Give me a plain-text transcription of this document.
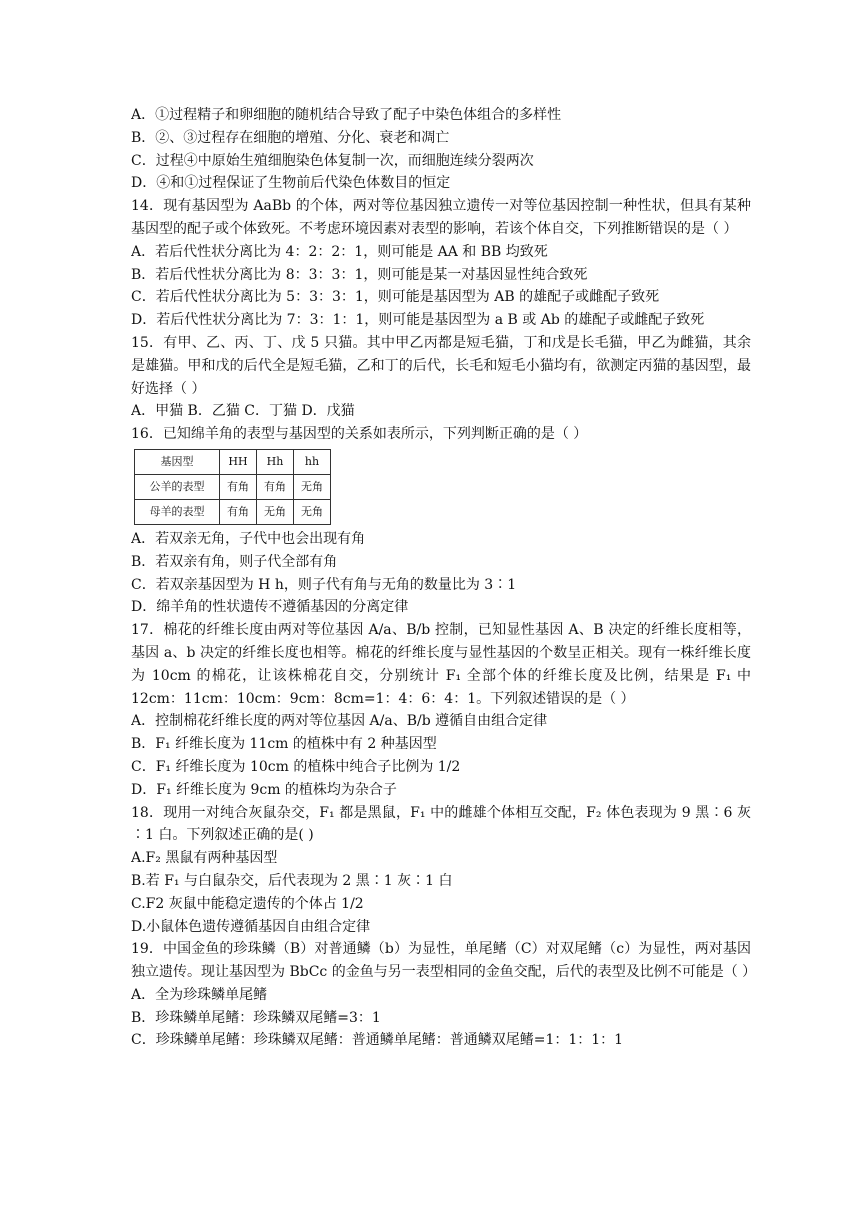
A．①过程精子和卵细胞的随机结合导致了配子中染色体组合的多样性
B．②、③过程存在细胞的增殖、分化、衰老和凋亡
C．过程④中原始生殖细胞染色体复制一次，而细胞连续分裂两次
D．④和①过程保证了生物前后代染色体数目的恒定
14．现有基因型为 AaBb 的个体，两对等位基因独立遗传一对等位基因控制一种性状，但具有某种基因型的配子或个体致死。不考虑环境因素对表型的影响，若该个体自交，下列推断错误的是（ ）
A．若后代性状分离比为 4：2：2：1，则可能是 AA 和 BB 均致死
B．若后代性状分离比为 8：3：3：1，则可能是某一对基因显性纯合致死
C．若后代性状分离比为 5：3：3：1，则可能是基因型为 AB 的雄配子或雌配子致死
D．若后代性状分离比为 7：3：1：1，则可能是基因型为 a B 或 Ab 的雄配子或雌配子致死
15．有甲、乙、丙、丁、戊 5 只猫。其中甲乙丙都是短毛猫，丁和戊是长毛猫，甲乙为雌猫，其余是雄猫。甲和戊的后代全是短毛猫，乙和丁的后代，长毛和短毛小猫均有，欲测定丙猫的基因型，最好选择（ ）
A．甲猫 B．乙猫 C．丁猫 D．戊猫
16．已知绵羊角的表型与基因型的关系如表所示，下列判断正确的是（ ）
基因型	HH	Hh	hh
公羊的表型	有角	有角	无角
母羊的表型	有角	无角	无角
A．若双亲无角，子代中也会出现有角
B．若双亲有角，则子代全部有角
C．若双亲基因型为 H h，则子代有角与无角的数量比为 3∶1
D．绵羊角的性状遗传不遵循基因的分离定律
17．棉花的纤维长度由两对等位基因 A/a、B/b 控制，已知显性基因 A、B 决定的纤维长度相等，基因 a、b 决定的纤维长度也相等。棉花的纤维长度与显性基因的个数呈正相关。现有一株纤维长度为 10cm 的棉花，让该株棉花自交，分别统计 F₁ 全部个体的纤维长度及比例，结果是 F₁ 中 12cm：11cm：10cm：9cm：8cm=1：4：6：4：1。下列叙述错误的是（ ）
A．控制棉花纤维长度的两对等位基因 A/a、B/b 遵循自由组合定律
B．F₁ 纤维长度为 11cm 的植株中有 2 种基因型
C．F₁ 纤维长度为 10cm 的植株中纯合子比例为 1/2
D．F₁ 纤维长度为 9cm 的植株均为杂合子
18．现用一对纯合灰鼠杂交，F₁ 都是黑鼠，F₁ 中的雌雄个体相互交配，F₂ 体色表现为 9 黑∶6 灰∶1 白。下列叙述正确的是( )
A.F₂ 黑鼠有两种基因型
B.若 F₁ 与白鼠杂交，后代表现为 2 黑∶1 灰∶1 白
C.F2 灰鼠中能稳定遗传的个体占 1/2
D.小鼠体色遗传遵循基因自由组合定律
19．中国金鱼的珍珠鳞（B）对普通鳞（b）为显性，单尾鳍（C）对双尾鳍（c）为显性，两对基因独立遗传。现让基因型为 BbCc 的金鱼与另一表型相同的金鱼交配，后代的表型及比例不可能是（ ）
A．全为珍珠鳞单尾鳍
B．珍珠鳞单尾鳍：珍珠鳞双尾鳍=3：1
C．珍珠鳞单尾鳍：珍珠鳞双尾鳍：普通鳞单尾鳍：普通鳞双尾鳍=1：1：1：1
